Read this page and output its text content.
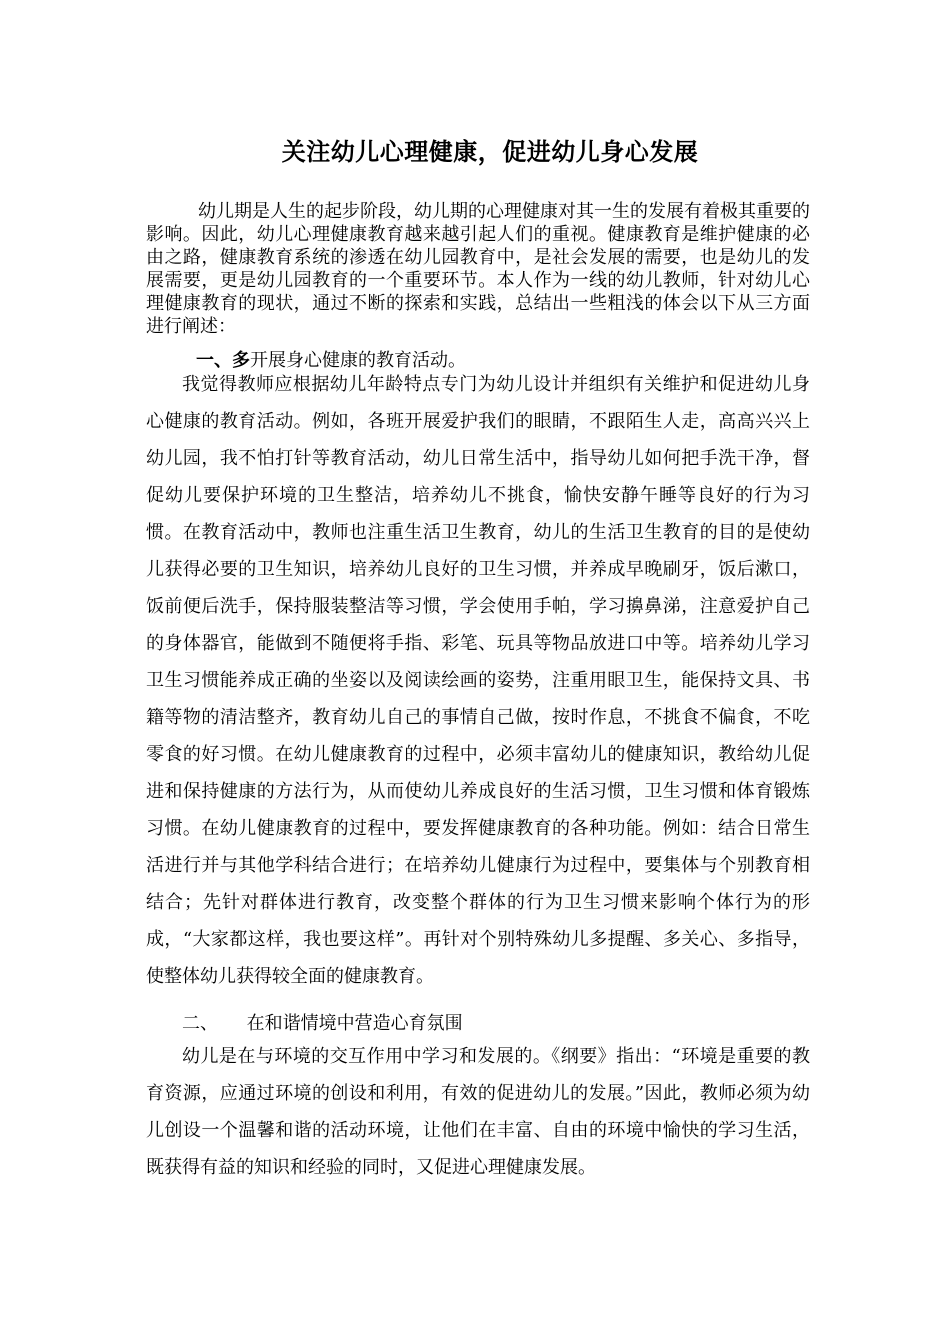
关注幼儿心理健康，促进幼儿身心发展

幼儿期是人生的起步阶段，幼儿期的心理健康对其一生的发展有着极其重要的影响。因此，幼儿心理健康教育越来越引起人们的重视。健康教育是维护健康的必由之路，健康教育系统的渗透在幼儿园教育中，是社会发展的需要，也是幼儿的发展需要，更是幼儿园教育的一个重要环节。本人作为一线的幼儿教师，针对幼儿心理健康教育的现状，通过不断的探索和实践，总结出一些粗浅的体会以下从三方面进行阐述：

一、多开展身心健康的教育活动。

我觉得教师应根据幼儿年龄特点专门为幼儿设计并组织有关维护和促进幼儿身心健康的教育活动。例如，各班开展爱护我们的眼睛，不跟陌生人走，高高兴兴上幼儿园，我不怕打针等教育活动，幼儿日常生活中，指导幼儿如何把手洗干净，督促幼儿要保护环境的卫生整洁，培养幼儿不挑食，愉快安静午睡等良好的行为习惯。在教育活动中，教师也注重生活卫生教育，幼儿的生活卫生教育的目的是使幼儿获得必要的卫生知识，培养幼儿良好的卫生习惯，并养成早晚刷牙，饭后漱口，饭前便后洗手，保持服装整洁等习惯，学会使用手帕，学习擤鼻涕，注意爱护自己的身体器官，能做到不随便将手指、彩笔、玩具等物品放进口中等。培养幼儿学习卫生习惯能养成正确的坐姿以及阅读绘画的姿势，注重用眼卫生，能保持文具、书籍等物的清洁整齐，教育幼儿自己的事情自己做，按时作息，不挑食不偏食，不吃零食的好习惯。在幼儿健康教育的过程中，必须丰富幼儿的健康知识，教给幼儿促进和保持健康的方法行为，从而使幼儿养成良好的生活习惯，卫生习惯和体育锻炼习惯。在幼儿健康教育的过程中，要发挥健康教育的各种功能。例如：结合日常生活进行并与其他学科结合进行；在培养幼儿健康行为过程中，要集体与个别教育相结合；先针对群体进行教育，改变整个群体的行为卫生习惯来影响个体行为的形成，“大家都这样，我也要这样”。再针对个别特殊幼儿多提醒、多关心、多指导，使整体幼儿获得较全面的健康教育。

二、 在和谐情境中营造心育氛围

幼儿是在与环境的交互作用中学习和发展的。《纲要》指出：“环境是重要的教育资源，应通过环境的创设和利用，有效的促进幼儿的发展。”因此，教师必须为幼儿创设一个温馨和谐的活动环境，让他们在丰富、自由的环境中愉快的学习生活，既获得有益的知识和经验的同时，又促进心理健康发展。
